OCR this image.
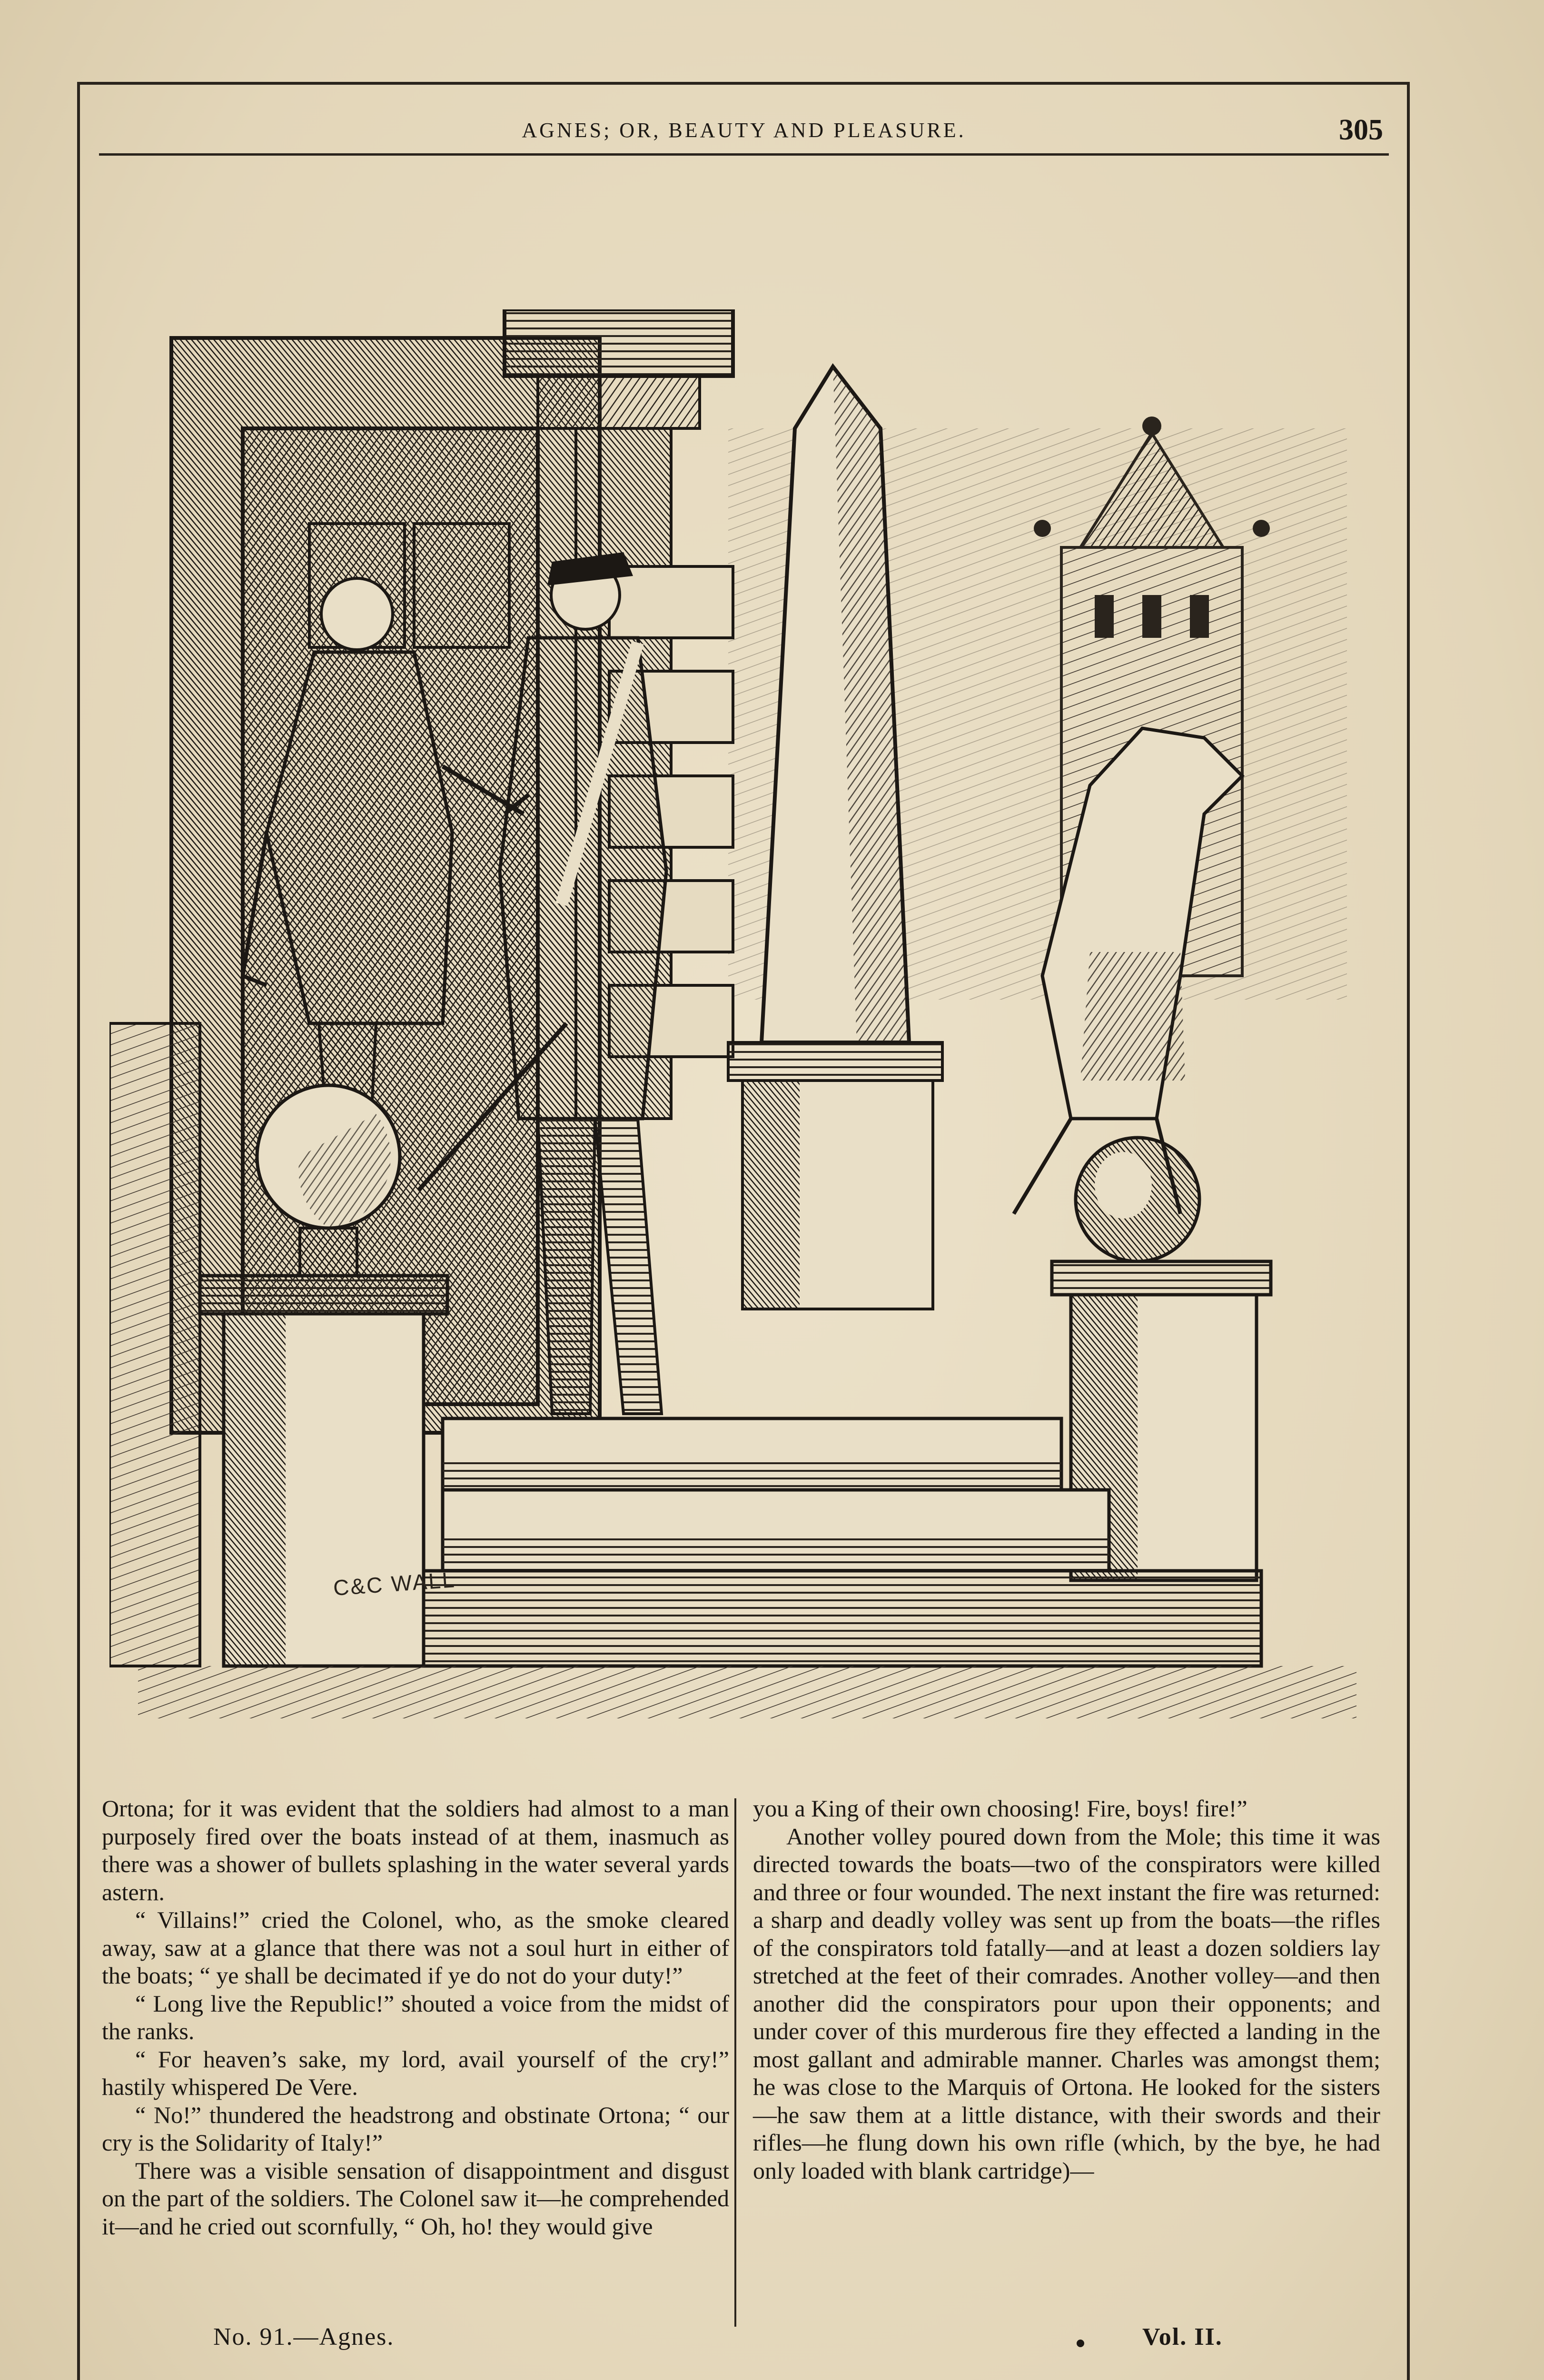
AGNES; OR, BEAUTY AND PLEASURE.	305
C&C WALL

Ortona; for it was evident that the soldiers had almost to a man purposely fired over the boats instead of at them, inasmuch as there was a shower of bullets splashing in the water several yards astern.

“ Villains!” cried the Colonel, who, as the smoke cleared away, saw at a glance that there was not a soul hurt in either of the boats; “ ye shall be decimated if ye do not do your duty!”

“ Long live the Republic!” shouted a voice from the midst of the ranks.

“ For heaven’s sake, my lord, avail yourself of the cry!” hastily whispered De Vere.

“ No!” thundered the headstrong and obstinate Ortona; “ our cry is the Solidarity of Italy!”

There was a visible sensation of disappointment and disgust on the part of the soldiers. The Colonel saw it—he comprehended it—and he cried out scornfully, “ Oh, ho! they would give

you a King of their own choosing! Fire, boys! fire!”

Another volley poured down from the Mole; this time it was directed towards the boats—two of the conspirators were killed and three or four wounded. The next instant the fire was returned: a sharp and deadly volley was sent up from the boats—the rifles of the conspirators told fatally—and at least a dozen soldiers lay stretched at the feet of their comrades. Another volley—and then another did the conspirators pour upon their opponents; and under cover of this murderous fire they effected a landing in the most gallant and admirable manner. Charles was amongst them; he was close to the Marquis of Ortona. He looked for the sisters—he saw them at a little distance, with their swords and their rifles—he flung down his own rifle (which, by the bye, he had only loaded with blank cartridge)—

No. 91.—Agnes.	Vol. II.
